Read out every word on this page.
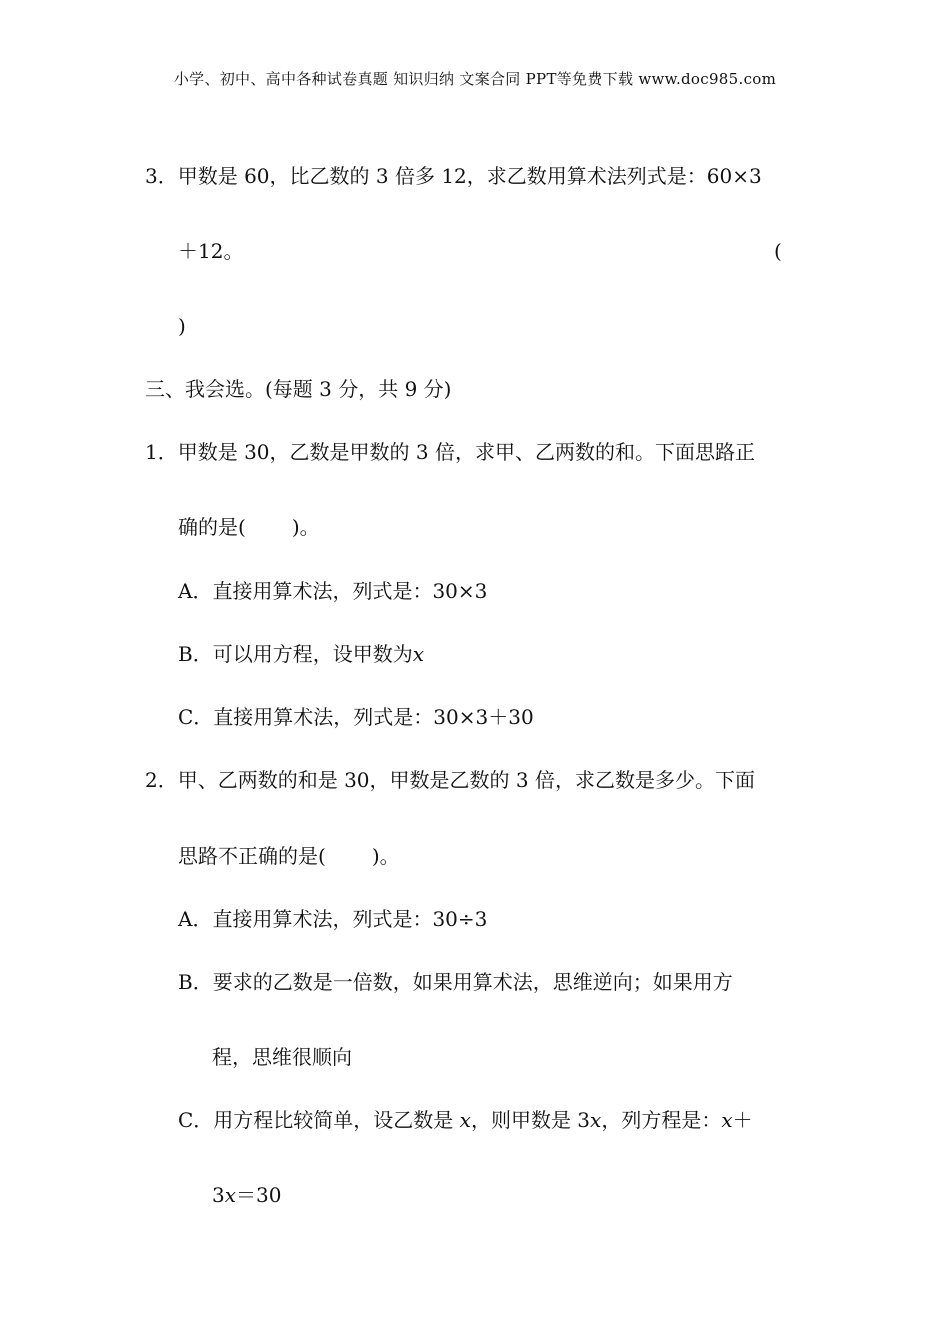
小学、初中、高中各种试卷真题 知识归纳 文案合同 PPT等免费下载 www.doc985.com
3．甲数是 60，比乙数的 3 倍多 12，求乙数用算术法列式是：60×3
＋12。	(
)
三、我会选。(每题 3 分，共 9 分)
1．甲数是 30，乙数是甲数的 3 倍，求甲、乙两数的和。下面思路正
确的是( )。
A．直接用算术法，列式是：30×3
B．可以用方程，设甲数为x
C．直接用算术法，列式是：30×3＋30
2．甲、乙两数的和是 30，甲数是乙数的 3 倍，求乙数是多少。下面
思路不正确的是( )。
A．直接用算术法，列式是：30÷3
B．要求的乙数是一倍数，如果用算术法，思维逆向；如果用方
程，思维很顺向
C．用方程比较简单，设乙数是 x，则甲数是 3x，列方程是：x＋
3x＝30
